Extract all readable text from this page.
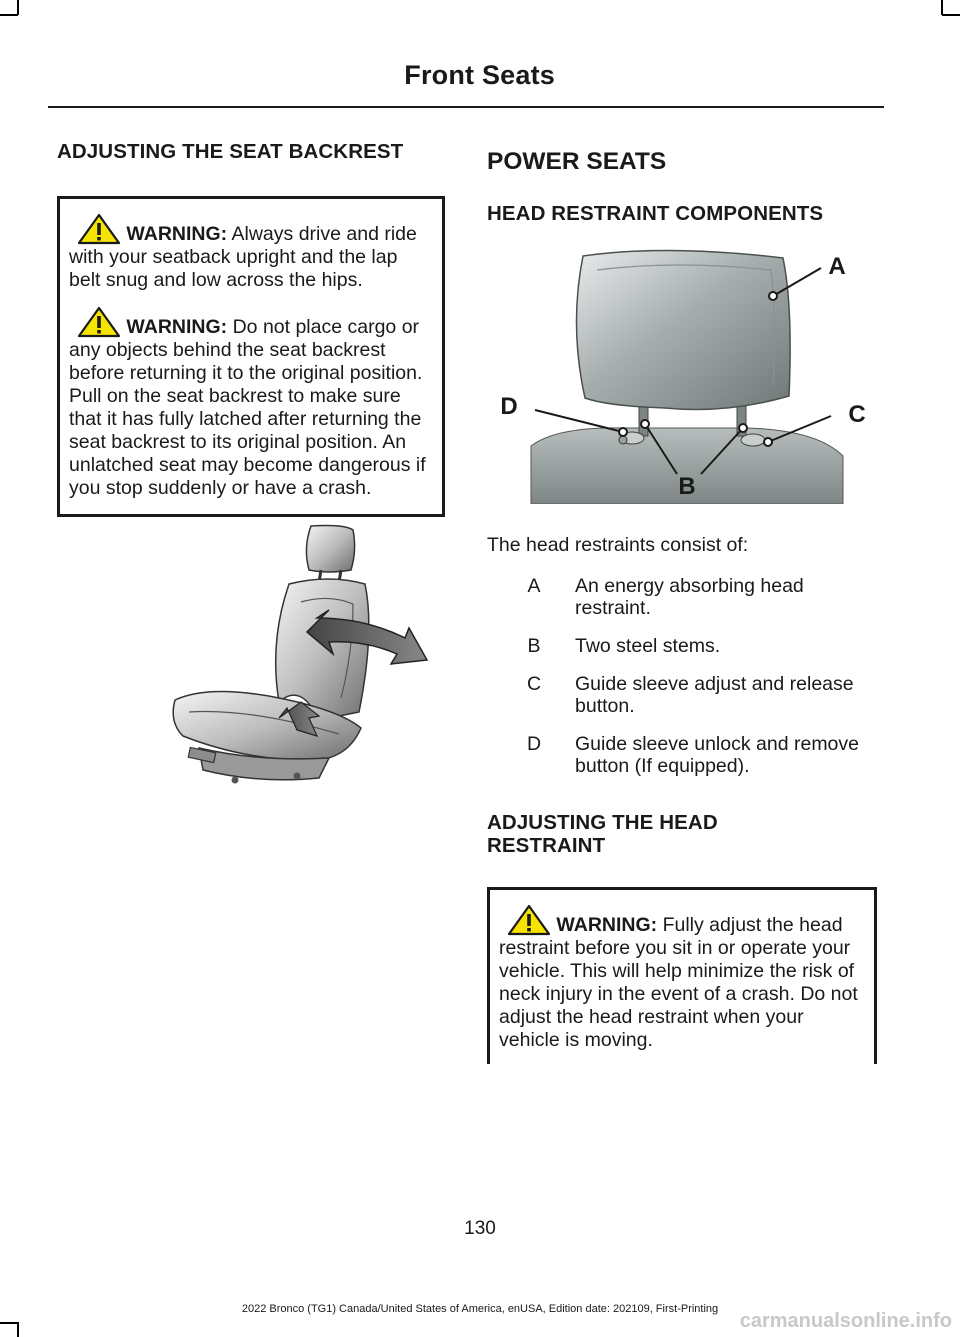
Front Seats
ADJUSTING THE SEAT BACKREST

WARNING: Always drive and ride with your seatback upright and the lap belt snug and low across the hips.

WARNING: Do not place cargo or any objects behind the seat backrest before returning it to the original position. Pull on the seat backrest to make sure that it has fully latched after returning the seat backrest to its original position. An unlatched seat may become dangerous if you stop suddenly or have a crash.

POWER SEATS
HEAD RESTRAINT COMPONENTS
A
D	C
B
The head restraints consist of:
A	An energy absorbing head restraint.
B	Two steel stems.
C	Guide sleeve adjust and release button.
D	Guide sleeve unlock and remove button (If equipped).
ADJUSTING THE HEAD RESTRAINT

WARNING: Fully adjust the head restraint before you sit in or operate your vehicle. This will help minimize the risk of neck injury in the event of a crash. Do not adjust the head restraint when your vehicle is moving.

130
2022 Bronco (TG1) Canada/United States of America, enUSA, Edition date: 202109, First-Printing
carmanualsonline.info
